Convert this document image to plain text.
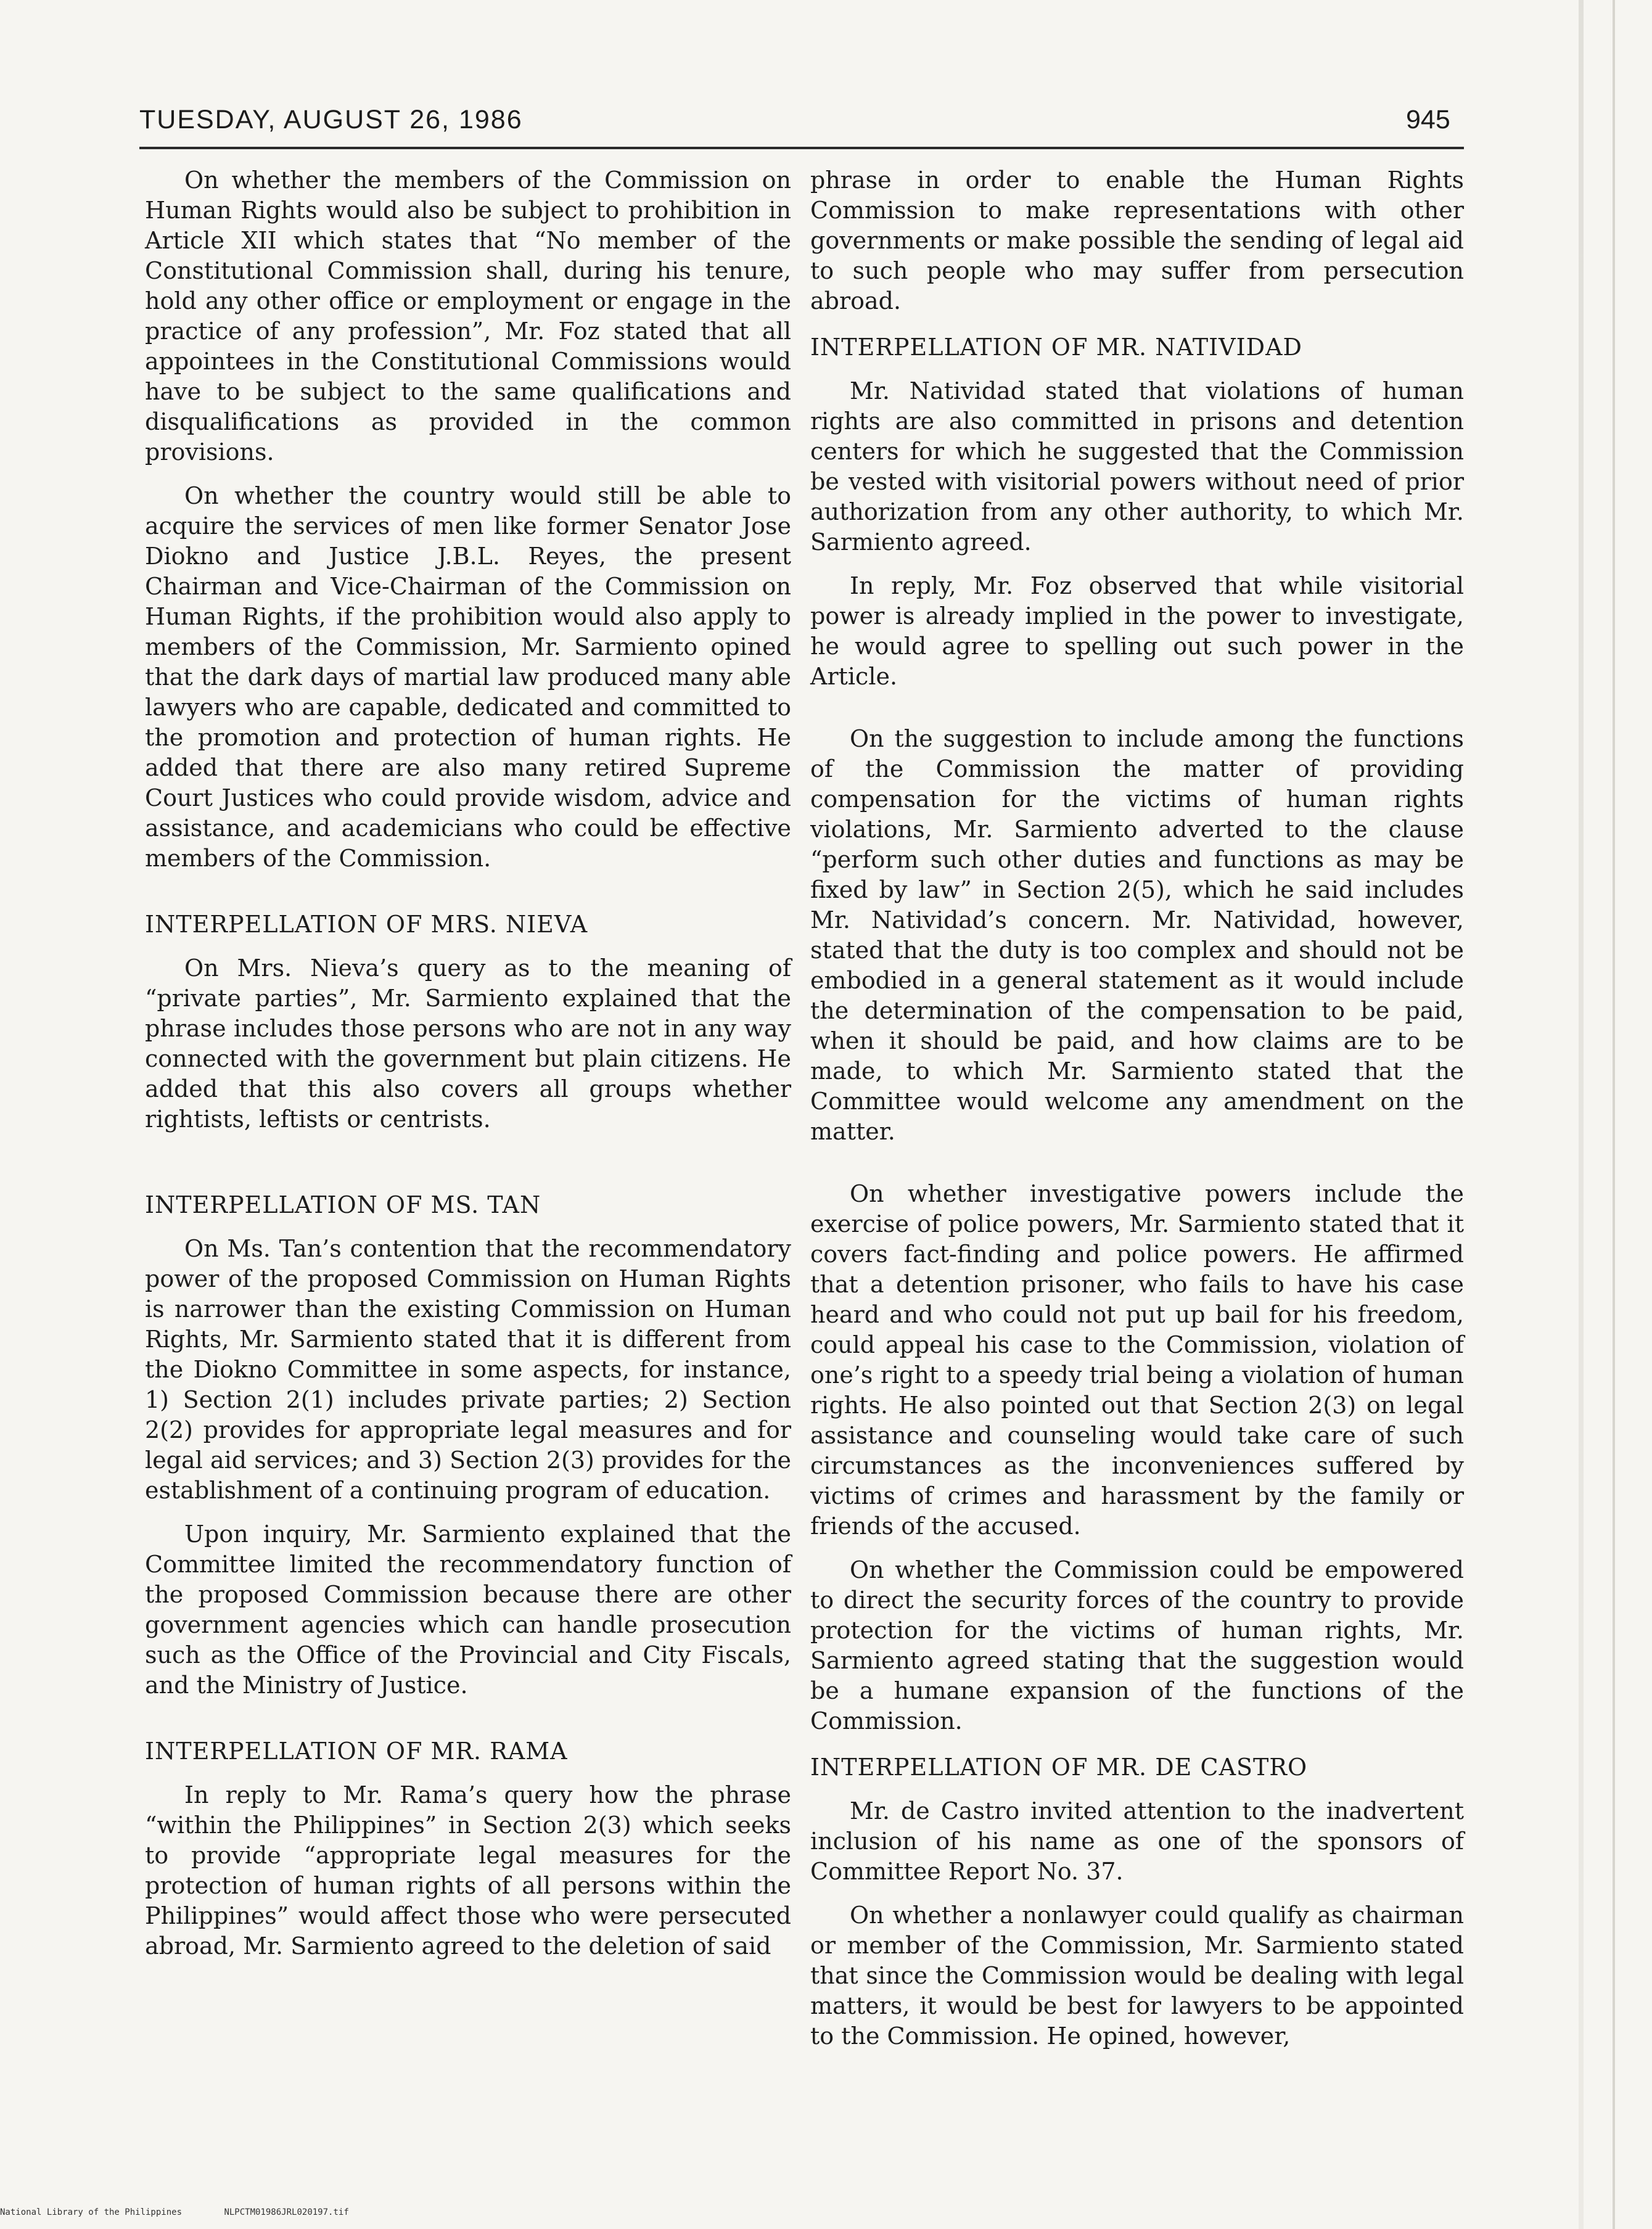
TUESDAY, AUGUST 26, 1986	945

On whether the members of the Commission on Human Rights would also be subject to prohibition in Article XII which states that “No member of the Constitutional Commission shall, during his tenure, hold any other office or employment or engage in the practice of any profession”, Mr. Foz stated that all appointees in the Constitutional Commissions would have to be subject to the same qualifications and disqualifications as provided in the common provisions.

On whether the country would still be able to acquire the services of men like former Senator Jose Diokno and Justice J.B.L. Reyes, the present Chairman and Vice-Chairman of the Commission on Human Rights, if the prohibition would also apply to members of the Commission, Mr. Sarmiento opined that the dark days of martial law produced many able lawyers who are capable, dedicated and committed to the promotion and protection of human rights. He added that there are also many retired Supreme Court Justices who could provide wisdom, advice and assistance, and academicians who could be effective members of the Commission.

INTERPELLATION OF MRS. NIEVA

On Mrs. Nieva’s query as to the meaning of “private parties”, Mr. Sarmiento explained that the phrase includes those persons who are not in any way connected with the government but plain citizens. He added that this also covers all groups whether rightists, leftists or centrists.

INTERPELLATION OF MS. TAN

On Ms. Tan’s contention that the recommendatory power of the proposed Commission on Human Rights is narrower than the existing Commission on Human Rights, Mr. Sarmiento stated that it is different from the Diokno Committee in some aspects, for instance, 1) Section 2(1) includes private parties; 2) Section 2(2) provides for appropriate legal measures and for legal aid services; and 3) Section 2(3) provides for the establishment of a continuing program of education.

Upon inquiry, Mr. Sarmiento explained that the Committee limited the recommendatory function of the proposed Commission because there are other government agencies which can handle prosecution such as the Office of the Provincial and City Fiscals, and the Ministry of Justice.

INTERPELLATION OF MR. RAMA

In reply to Mr. Rama’s query how the phrase “within the Philippines” in Section 2(3) which seeks to provide “appropriate legal measures for the protection of human rights of all persons within the Philippines” would affect those who were persecuted abroad, Mr. Sarmiento agreed to the deletion of said

phrase in order to enable the Human Rights Commission to make representations with other governments or make possible the sending of legal aid to such people who may suffer from persecution abroad.

INTERPELLATION OF MR. NATIVIDAD

Mr. Natividad stated that violations of human rights are also committed in prisons and detention centers for which he suggested that the Commission be vested with visitorial powers without need of prior authorization from any other authority, to which Mr. Sarmiento agreed.

In reply, Mr. Foz observed that while visitorial power is already implied in the power to investigate, he would agree to spelling out such power in the Article.

On the suggestion to include among the functions of the Commission the matter of providing compensation for the victims of human rights violations, Mr. Sarmiento adverted to the clause “perform such other duties and functions as may be fixed by law” in Section 2(5), which he said includes Mr. Natividad’s concern. Mr. Natividad, however, stated that the duty is too complex and should not be embodied in a general statement as it would include the determination of the compensation to be paid, when it should be paid, and how claims are to be made, to which Mr. Sarmiento stated that the Committee would welcome any amendment on the matter.

On whether investigative powers include the exercise of police powers, Mr. Sarmiento stated that it covers fact-finding and police powers. He affirmed that a detention prisoner, who fails to have his case heard and who could not put up bail for his freedom, could appeal his case to the Commission, violation of one’s right to a speedy trial being a violation of human rights. He also pointed out that Section 2(3) on legal assistance and counseling would take care of such circumstances as the inconveniences suffered by victims of crimes and harassment by the family or friends of the accused.

On whether the Commission could be empowered to direct the security forces of the country to provide protection for the victims of human rights, Mr. Sarmiento agreed stating that the suggestion would be a humane expansion of the functions of the Commission.

INTERPELLATION OF MR. DE CASTRO

Mr. de Castro invited attention to the inadvertent inclusion of his name as one of the sponsors of Committee Report No. 37.

On whether a nonlawyer could qualify as chairman or member of the Commission, Mr. Sarmiento stated that since the Commission would be dealing with legal matters, it would be best for lawyers to be appointed to the Commission. He opined, however,

National Library of the Philippines	NLPCTM01986JRL020197.tif
